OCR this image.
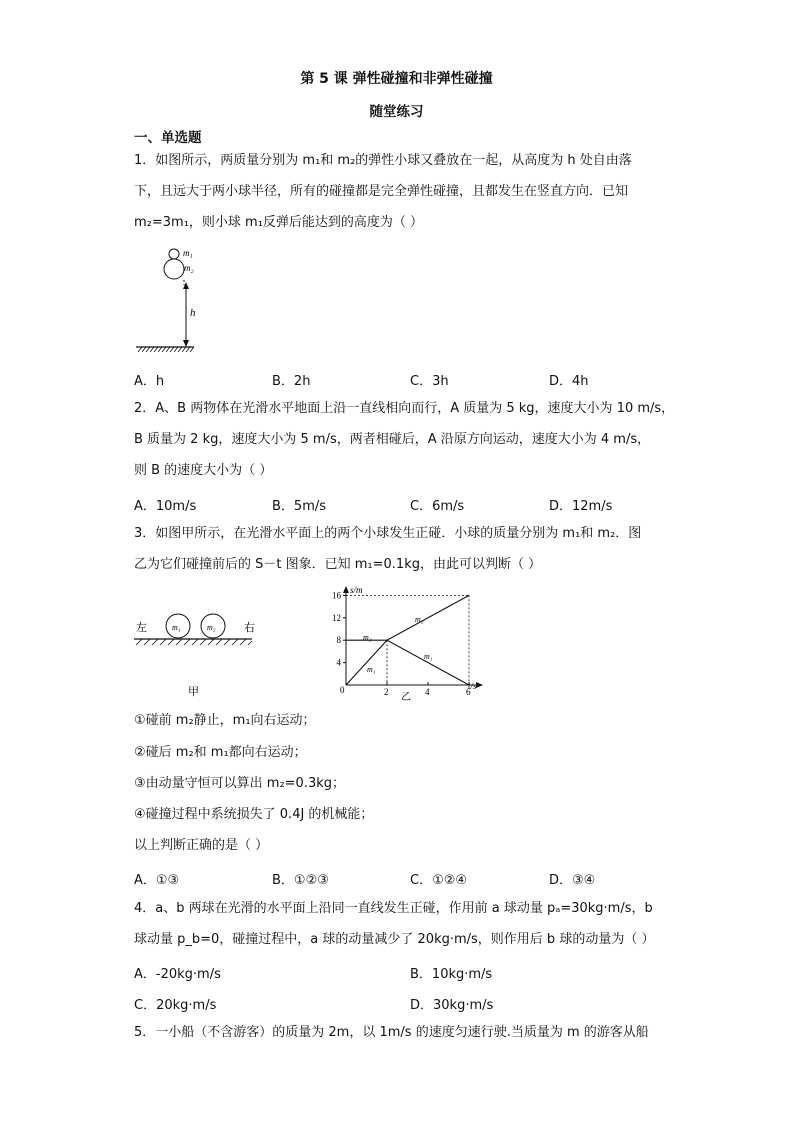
第 5 课 弹性碰撞和非弹性碰撞
随堂练习
一、单选题
1．如图所示，两质量分别为 m₁和 m₂的弹性小球又叠放在一起，从高度为 h 处自由落
下，且远大于两小球半径，所有的碰撞都是完全弹性碰撞，且都发生在竖直方向．已知
m₂=3m₁，则小球 m₁反弹后能达到的高度为（ ）
m₁
m₂
h
A．h	B．2h	C．3h	D．4h
2．A、B 两物体在光滑水平地面上沿一直线相向而行，A 质量为 5 kg，速度大小为 10 m/s，
B 质量为 2 kg，速度大小为 5 m/s，两者相碰后，A 沿原方向运动，速度大小为 4 m/s，
则 B 的速度大小为（ ）
A．10m/s	B．5m/s	C．6m/s	D．12m/s
3．如图甲所示，在光滑水平面上的两个小球发生正碰．小球的质量分别为 m₁和 m₂．图
乙为它们碰撞前后的 S－t 图象．已知 m₁=0.1kg，由此可以判断（ ）
左	右
m₁	m₂
甲
s/m
t/s
0
乙
16
12
8
4
2	4	6
m₂
m₁
m₂
m₁
①碰前 m₂静止，m₁向右运动；
②碰后 m₂和 m₁都向右运动；
③由动量守恒可以算出 m₂=0.3kg；
④碰撞过程中系统损失了 0.4J 的机械能；
以上判断正确的是（ ）
A．①③	B．①②③	C．①②④	D．③④
4．a、b 两球在光滑的水平面上沿同一直线发生正碰，作用前 a 球动量 pₐ=30kg·m/s，b
球动量 p_b=0，碰撞过程中，a 球的动量减少了 20kg·m/s，则作用后 b 球的动量为（ ）
A．-20kg·m/s	B．10kg·m/s
C．20kg·m/s	D．30kg·m/s
5．一小船（不含游客）的质量为 2m，以 1m/s 的速度匀速行驶.当质量为 m 的游客从船
